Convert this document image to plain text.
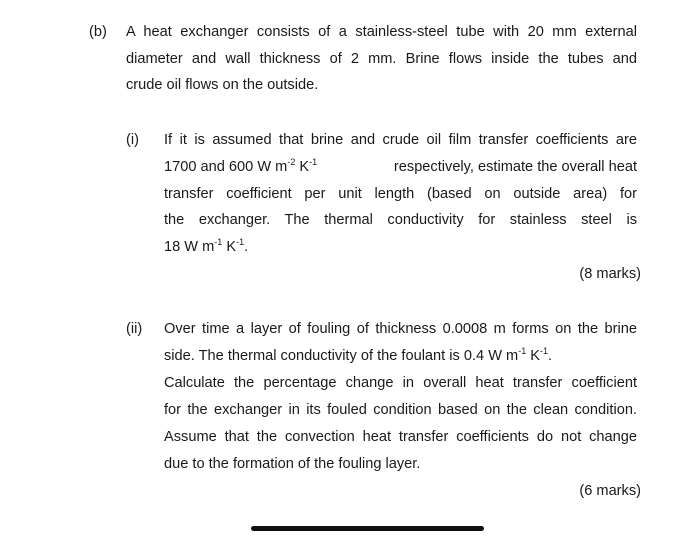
(b) A heat exchanger consists of a stainless-steel tube with 20 mm external
diameter and wall thickness of 2 mm. Brine flows inside the tubes and
crude oil flows on the outside.
(i) If it is assumed that brine and crude oil film transfer coefficients are
1700 and 600 W $m^{-2}$ $K^{-1}$	respectively, estimate the overall heat
transfer coefficient per unit length (based on outside area) for
the exchanger. The thermal conductivity for stainless steel is
18 W $m^{-1}$ $K^{-1}$.
(8 marks)
(ii) Over time a layer of fouling of thickness 0.0008 m forms on the brine
side. The thermal conductivity of the foulant is 0.4 W $m^{-1}$ $K^{-1}$.
Calculate the percentage change in overall heat transfer coefficient
for the exchanger in its fouled condition based on the clean condition.
Assume that the convection heat transfer coefficients do not change
due to the formation of the fouling layer.
(6 marks)
